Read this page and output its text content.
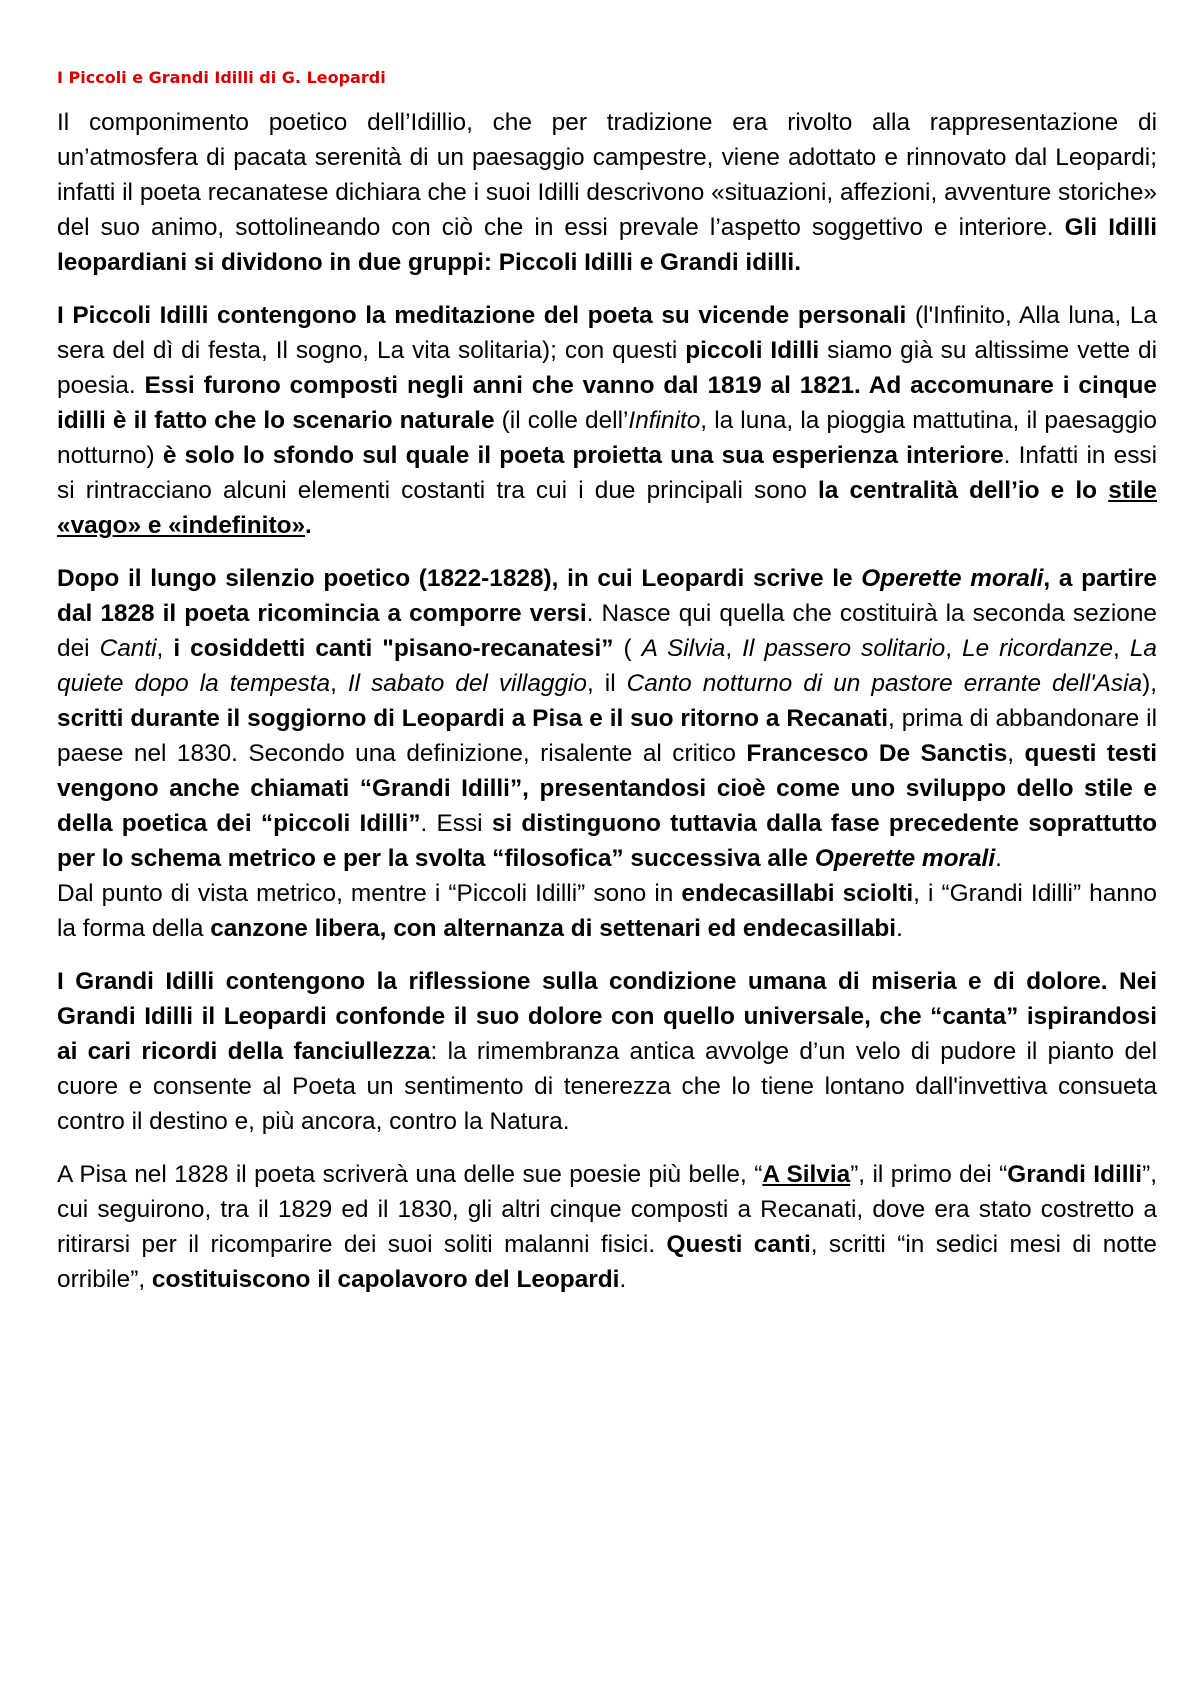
I Piccoli e Grandi Idilli di G. Leopardi

Il componimento poetico dell’Idillio, che per tradizione era rivolto alla rappresentazione di un’atmosfera di pacata serenità di un paesaggio campestre, viene adottato e rinnovato dal Leopardi; infatti il poeta recanatese dichiara che i suoi Idilli descrivono «situazioni, affezioni, avventure storiche» del suo animo, sottolineando con ciò che in essi prevale l’aspetto soggettivo e interiore. Gli Idilli leopardiani si dividono in due gruppi: Piccoli Idilli e Grandi idilli.

I Piccoli Idilli contengono la meditazione del poeta su vicende personali (l'Infinito, Alla luna, La sera del dì di festa, Il sogno, La vita solitaria); con questi piccoli Idilli siamo già su altissime vette di poesia. Essi furono composti negli anni che vanno dal 1819 al 1821. Ad accomunare i cinque idilli è il fatto che lo scenario naturale (il colle dell’Infinito, la luna, la pioggia mattutina, il paesaggio notturno) è solo lo sfondo sul quale il poeta proietta una sua esperienza interiore. Infatti in essi si rintracciano alcuni elementi costanti tra cui i due principali sono la centralità dell’io e lo stile «vago» e «indefinito».

Dopo il lungo silenzio poetico (1822-1828), in cui Leopardi scrive le Operette morali, a partire dal 1828 il poeta ricomincia a comporre versi. Nasce qui quella che costituirà la seconda sezione dei Canti, i cosiddetti canti "pisano-recanatesi” ( A Silvia, Il passero solitario, Le ricordanze, La quiete dopo la tempesta, Il sabato del villaggio, il Canto notturno di un pastore errante dell'Asia), scritti durante il soggiorno di Leopardi a Pisa e il suo ritorno a Recanati, prima di abbandonare il paese nel 1830. Secondo una definizione, risalente al critico Francesco De Sanctis, questi testi vengono anche chiamati “Grandi Idilli”, presentandosi cioè come uno sviluppo dello stile e della poetica dei “piccoli Idilli”. Essi si distinguono tuttavia dalla fase precedente soprattutto per lo schema metrico e per la svolta “filosofica” successiva alle Operette morali.

Dal punto di vista metrico, mentre i “Piccoli Idilli” sono in endecasillabi sciolti, i “Grandi Idilli” hanno la forma della canzone libera, con alternanza di settenari ed endecasillabi.

I Grandi Idilli contengono la riflessione sulla condizione umana di miseria e di dolore. Nei Grandi Idilli il Leopardi confonde il suo dolore con quello universale, che “canta” ispirandosi ai cari ricordi della fanciullezza: la rimembranza antica avvolge d’un velo di pudore il pianto del cuore e consente al Poeta un sentimento di tenerezza che lo tiene lontano dall'invettiva consueta contro il destino e, più ancora, contro la Natura.

A Pisa nel 1828 il poeta scriverà una delle sue poesie più belle, “A Silvia”, il primo dei “Grandi Idilli”, cui seguirono, tra il 1829 ed il 1830, gli altri cinque composti a Recanati, dove era stato costretto a ritirarsi per il ricomparire dei suoi soliti malanni fisici. Questi canti, scritti “in sedici mesi di notte orribile”, costituiscono il capolavoro del Leopardi.
